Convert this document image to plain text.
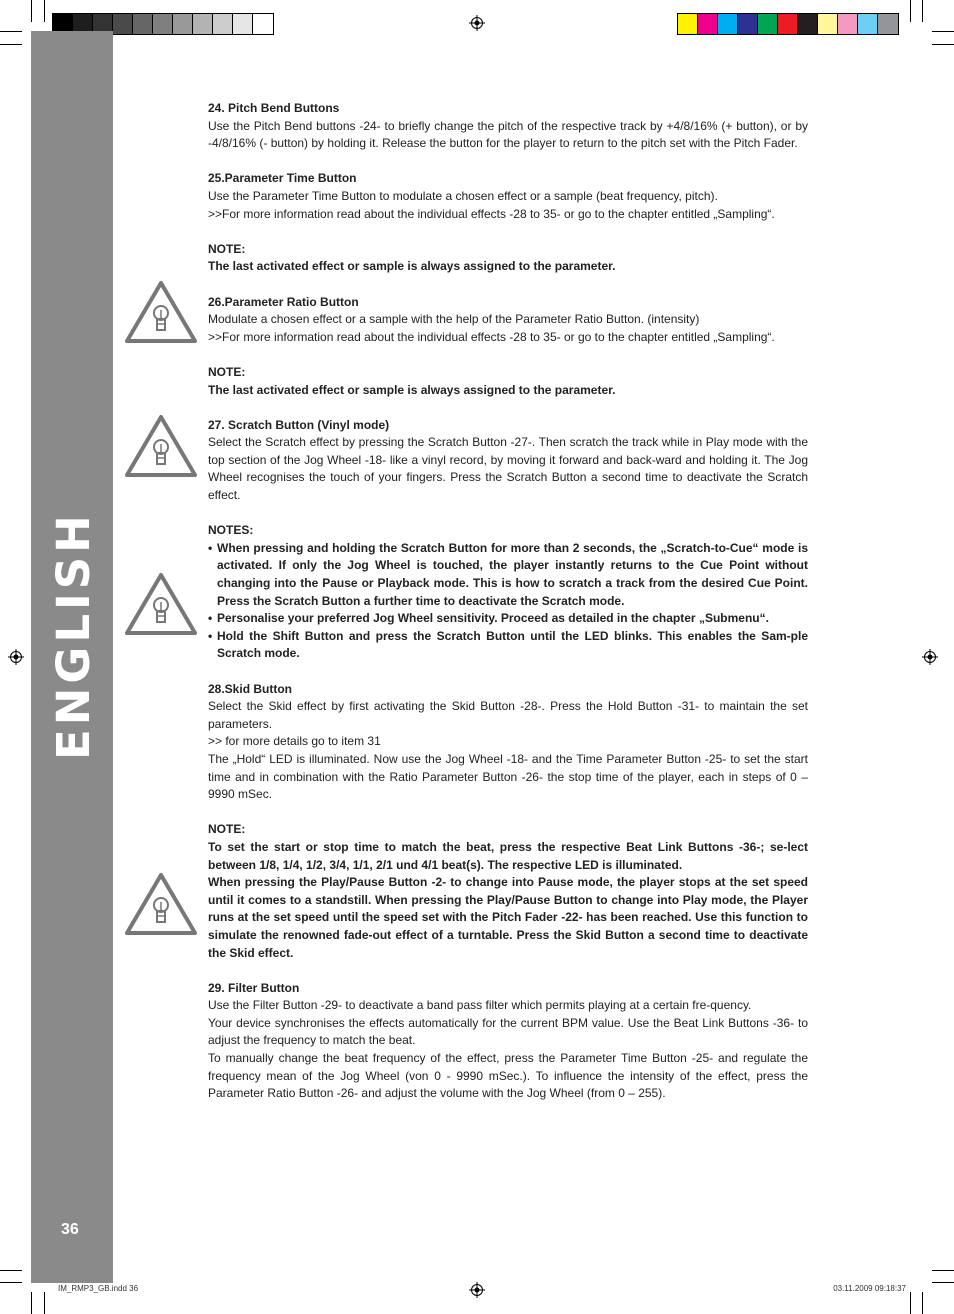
ENGLISH
36

24. Pitch Bend Buttons

Use the Pitch Bend buttons -24- to briefly change the pitch of the respective track by +4/8/16% (+ button), or by -4/8/16% (- button) by holding it. Release the button for the player to return to the pitch set with the Pitch Fader.

25.Parameter Time Button

Use the Parameter Time Button to modulate a chosen effect or a sample (beat frequency, pitch).

>>For more information read about the individual effects -28 to 35- or go to the chapter entitled „Sampling“.

NOTE:

The last activated effect or sample is always assigned to the parameter.

26.Parameter Ratio Button

Modulate a chosen effect or a sample with the help of the Parameter Ratio Button. (intensity)

>>For more information read about the individual effects -28 to 35- or go to the chapter entitled „Sampling“.

NOTE:

The last activated effect or sample is always assigned to the parameter.

27. Scratch Button (Vinyl mode)

Select the Scratch effect by pressing the Scratch Button -27-. Then scratch the track while in Play mode with the top section of the Jog Wheel -18- like a vinyl record, by moving it forward and back-ward and holding it. The Jog Wheel recognises the touch of your fingers. Press the Scratch Button a second time to deactivate the Scratch effect.

NOTES:

• When pressing and holding the Scratch Button for more than 2 seconds, the „Scratch-to-Cue“ mode is activated. If only the Jog Wheel is touched, the player instantly returns to the Cue Point without changing into the Pause or Playback mode. This is how to scratch a track from the desired Cue Point. Press the Scratch Button a further time to deactivate the Scratch mode.
• Personalise your preferred Jog Wheel sensitivity. Proceed as detailed in the chapter „Submenu“.
• Hold the Shift Button and press the Scratch Button until the LED blinks. This enables the Sam-ple Scratch mode.

28.Skid Button

Select the Skid effect by first activating the Skid Button -28-. Press the Hold Button -31- to maintain the set parameters.

>> for more details go to item 31

The „Hold“ LED is illuminated. Now use the Jog Wheel -18- and the Time Parameter Button -25- to set the start time and in combination with the Ratio Parameter Button -26- the stop time of the player, each in steps of 0 – 9990 mSec.

NOTE:

To set the start or stop time to match the beat, press the respective Beat Link Buttons -36-; se-lect between 1/8, 1/4, 1/2, 3/4, 1/1, 2/1 und 4/1 beat(s). The respective LED is illuminated.

When pressing the Play/Pause Button -2- to change into Pause mode, the player stops at the set speed until it comes to a standstill. When pressing the Play/Pause Button to change into Play mode, the Player runs at the set speed until the speed set with the Pitch Fader -22- has been reached. Use this function to simulate the renowned fade-out effect of a turntable. Press the Skid Button a second time to deactivate the Skid effect.

29. Filter Button

Use the Filter Button -29- to deactivate a band pass filter which permits playing at a certain fre-quency.

Your device synchronises the effects automatically for the current BPM value. Use the Beat Link Buttons -36- to adjust the frequency to match the beat.

To manually change the beat frequency of the effect, press the Parameter Time Button -25- and regulate the frequency mean of the Jog Wheel (von 0 - 9990 mSec.). To influence the intensity of the effect, press the Parameter Ratio Button -26- and adjust the volume with the Jog Wheel (from 0 – 255).

IM_RMP3_GB.indd 36	03.11.2009 09:18:37
